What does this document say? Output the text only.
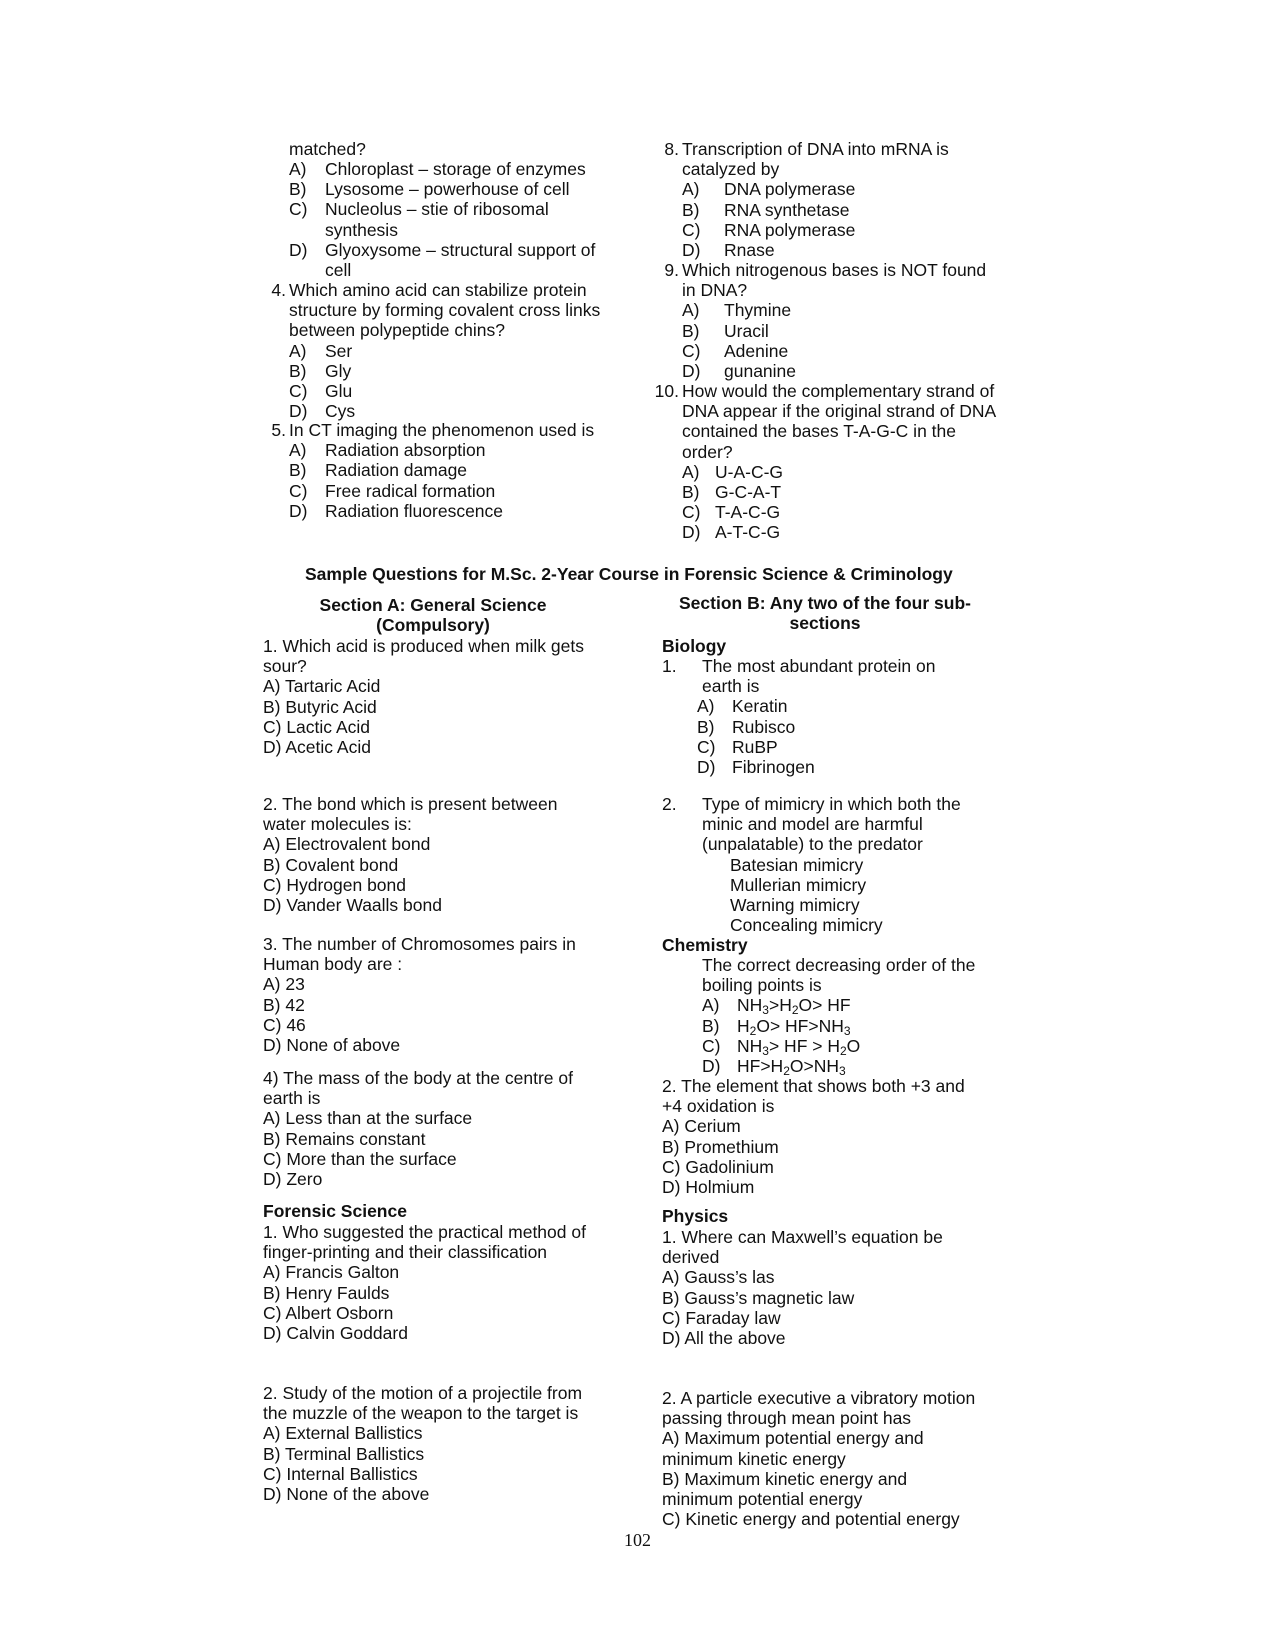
matched?
A) Chloroplast – storage of enzymes
B) Lysosome – powerhouse of cell
C) Nucleolus – stie of ribosomal
synthesis

D) Glyoxysome – structural support of
cell

4. Which amino acid can stabilize protein
structure by forming covalent cross links
between polypeptide chins?
A) Ser
B) Gly
C) Glu
D) Cys
5. In CT imaging the phenomenon used is
A) Radiation absorption
B) Radiation damage
C) Free radical formation
D) Radiation fluorescence
8. Transcription of DNA into mRNA is
catalyzed by
A) DNA polymerase
B) RNA synthetase
C) RNA polymerase
D) Rnase
9. Which nitrogenous bases is NOT found
in DNA?
A) Thymine
B) Uracil
C) Adenine
D) gunanine
10. How would the complementary strand of
DNA appear if the original strand of DNA
contained the bases T-A-G-C in the
order?
A) U-A-C-G
B) G-C-A-T
C) T-A-C-G
D) A-T-C-G
Sample Questions for M.Sc. 2-Year Course in Forensic Science & Criminology
Section A: General Science
(Compulsory)
1. Which acid is produced when milk gets
sour?
A) Tartaric Acid
B) Butyric Acid
C) Lactic Acid
D) Acetic Acid
2. The bond which is present between
water molecules is:
A) Electrovalent bond
B) Covalent bond
C) Hydrogen bond
D) Vander Waalls bond
3. The number of Chromosomes pairs in
Human body are :
A) 23
B) 42
C) 46
D) None of above
4) The mass of the body at the centre of
earth is
A) Less than at the surface
B) Remains constant
C) More than the surface
D) Zero
Forensic Science
1. Who suggested the practical method of
finger-printing and their classification
A) Francis Galton
B) Henry Faulds
C) Albert Osborn
D) Calvin Goddard
2. Study of the motion of a projectile from
the muzzle of the weapon to the target is
A) External Ballistics
B) Terminal Ballistics
C) Internal Ballistics
D) None of the above
Section B: Any two of the four sub-
sections
Biology
1. The most abundant protein on
earth is

A) Keratin

B) Rubisco

C) RuBP

D) Fibrinogen

2. Type of mimicry in which both the
minic and model are harmful

(unpalatable) to the predator

Batesian mimicry

Mullerian mimicry

Warning mimicry

Concealing mimicry

Chemistry
The correct decreasing order of the

boiling points is

A) $NH_3>H_2O>$ HF

B) $H_2O> HF>NH_3$

C) $NH_3>$ HF > $H_2O$

D) $HF>H_2O>NH_3$

2. The element that shows both +3 and
+4 oxidation is
A) Cerium
B) Promethium
C) Gadolinium
D) Holmium
Physics
1. Where can Maxwell’s equation be
derived
A) Gauss’s las
B) Gauss’s magnetic law
C) Faraday law
D) All the above
2. A particle executive a vibratory motion
passing through mean point has
A) Maximum potential energy and
minimum kinetic energy
B) Maximum kinetic energy and
minimum potential energy
C) Kinetic energy and potential energy
102
